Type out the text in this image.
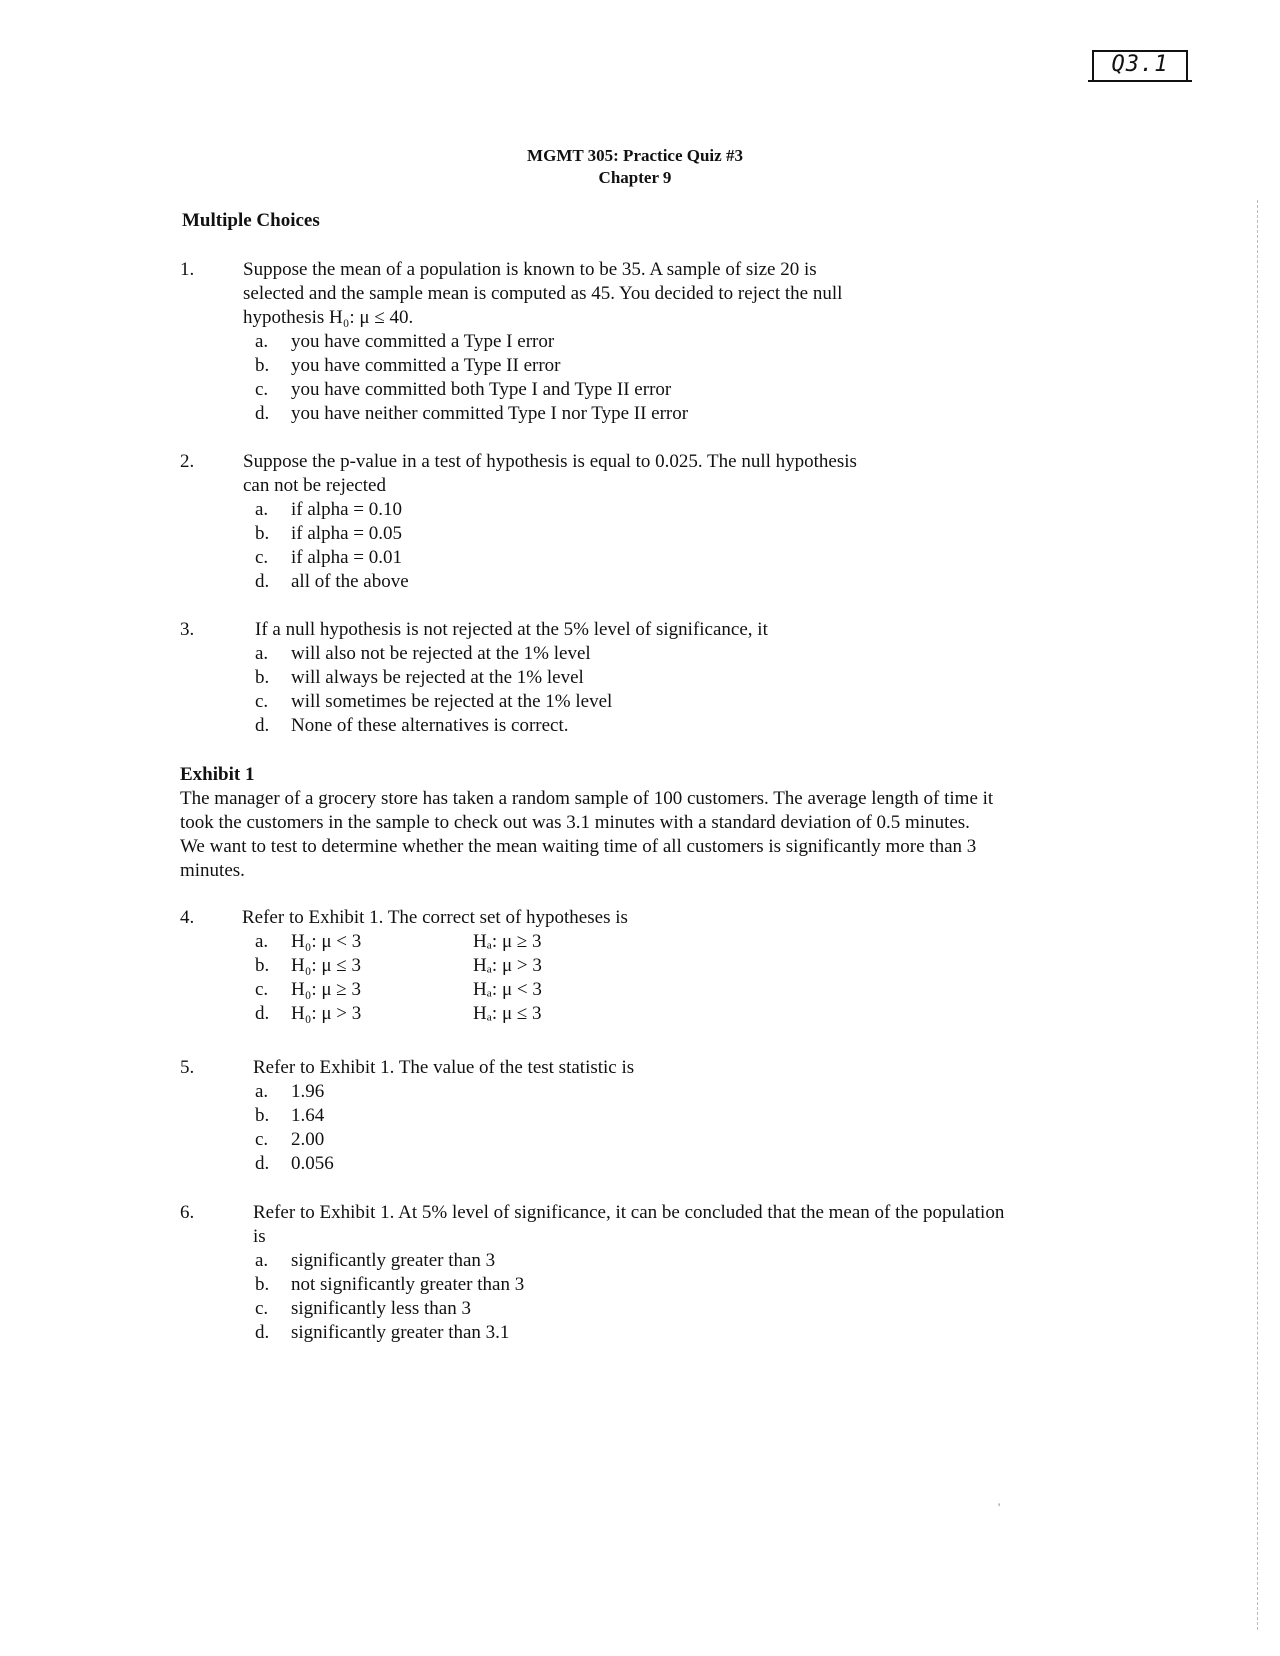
Q3.1
MGMT 305: Practice Quiz #3
Chapter 9
Multiple Choices
1.	Suppose the mean of a population is known to be 35. A sample of size 20 is
selected and the sample mean is computed as 45. You decided to reject the null
hypothesis H₀: μ ≤ 40.
a. you have committed a Type I error
b. you have committed a Type II error
c. you have committed both Type I and Type II error
d. you have neither committed Type I nor Type II error
2.	Suppose the p-value in a test of hypothesis is equal to 0.025. The null hypothesis
can not be rejected
a. if alpha = 0.10
b. if alpha = 0.05
c. if alpha = 0.01
d. all of the above
3.	If a null hypothesis is not rejected at the 5% level of significance, it
a. will also not be rejected at the 1% level
b. will always be rejected at the 1% level
c. will sometimes be rejected at the 1% level
d. None of these alternatives is correct.
Exhibit 1
The manager of a grocery store has taken a random sample of 100 customers. The average length of time it
took the customers in the sample to check out was 3.1 minutes with a standard deviation of 0.5 minutes.
We want to test to determine whether the mean waiting time of all customers is significantly more than 3
minutes.
4.	Refer to Exhibit 1. The correct set of hypotheses is
a. H₀: μ < 3	Hₐ: μ ≥ 3
b. H₀: μ ≤ 3	Hₐ: μ > 3
c. H₀: μ ≥ 3	Hₐ: μ < 3
d. H₀: μ > 3	Hₐ: μ ≤ 3
5.	Refer to Exhibit 1. The value of the test statistic is
a. 1.96
b. 1.64
c. 2.00
d. 0.056
6.	Refer to Exhibit 1. At 5% level of significance, it can be concluded that the mean of the population
is
a. significantly greater than 3
b. not significantly greater than 3
c. significantly less than 3
d. significantly greater than 3.1
'
